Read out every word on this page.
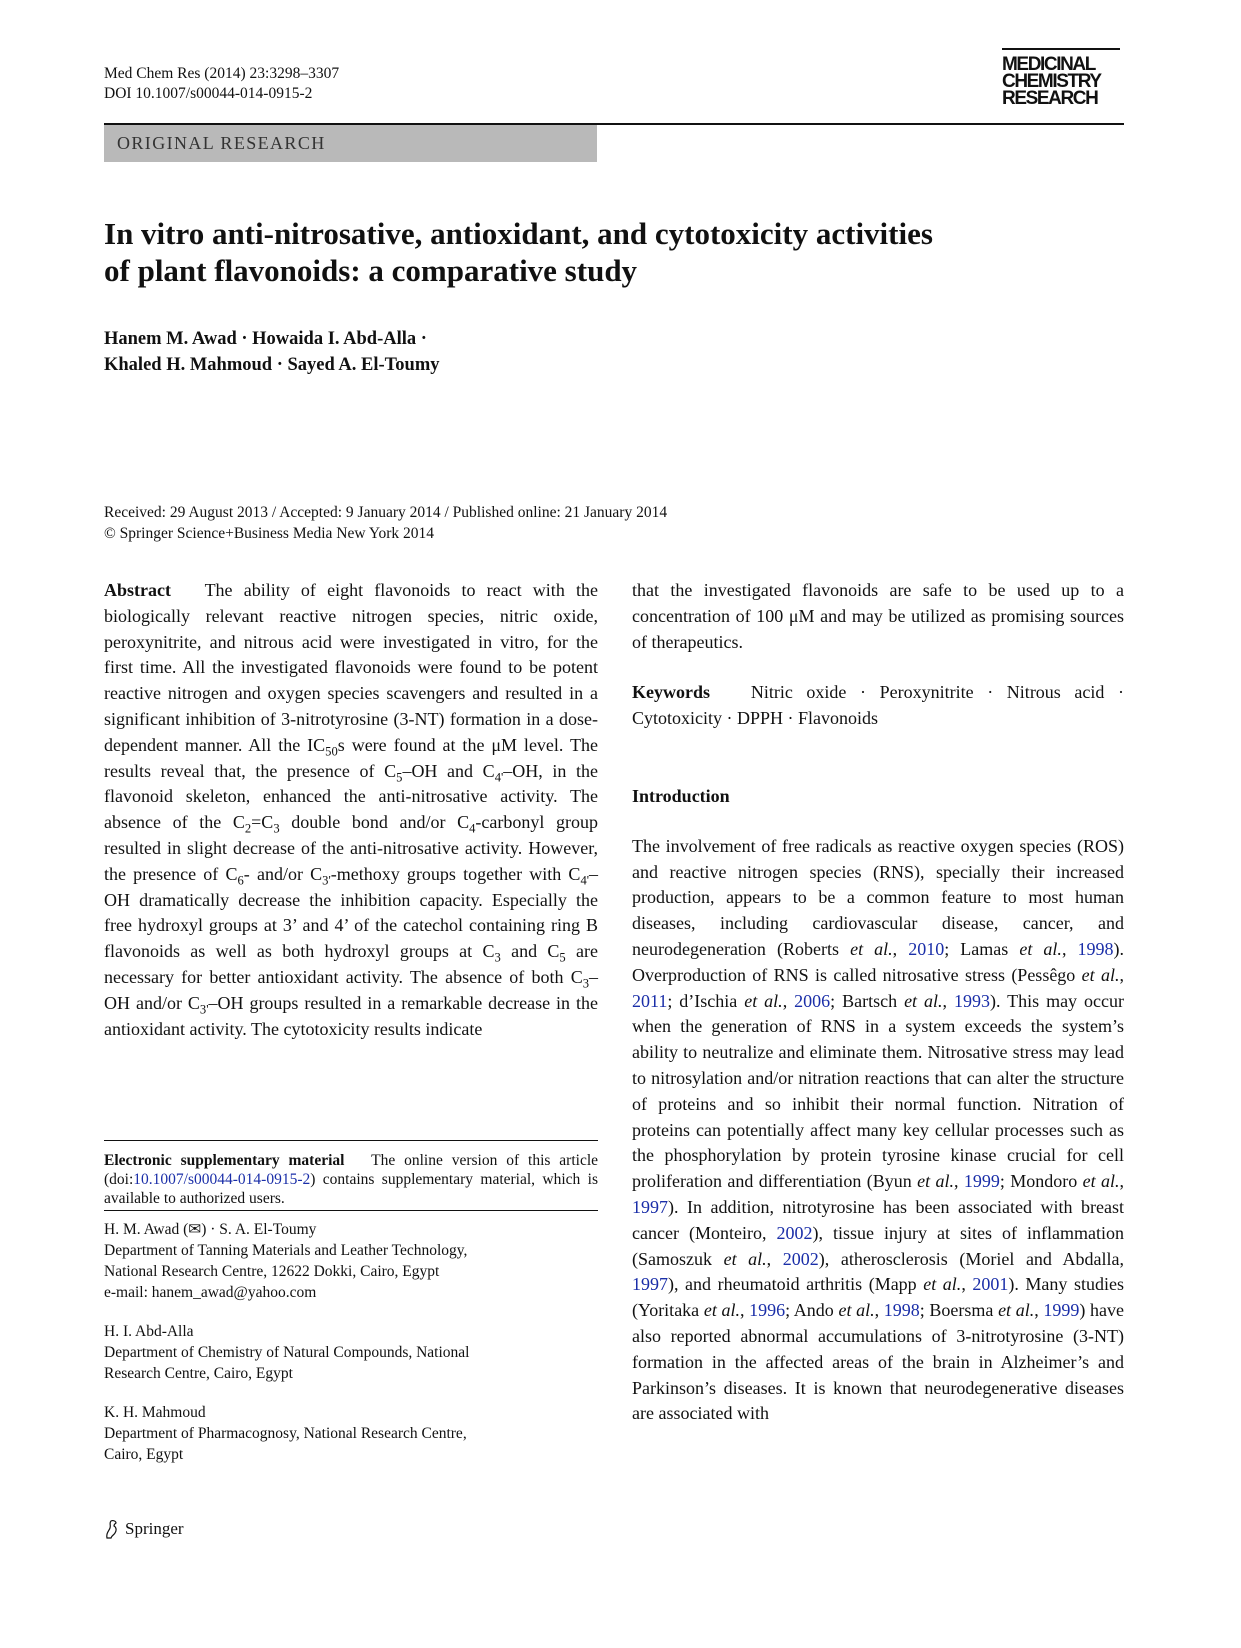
Med Chem Res (2014) 23:3298–3307
DOI 10.1007/s00044-014-0915-2
MEDICINAL
CHEMISTRY
RESEARCH
ORIGINAL RESEARCH
In vitro anti-nitrosative, antioxidant, and cytotoxicity activities
of plant flavonoids: a comparative study
Hanem M. Awad · Howaida I. Abd-Alla ·
Khaled H. Mahmoud · Sayed A. El-Toumy
Received: 29 August 2013 / Accepted: 9 January 2014 / Published online: 21 January 2014
© Springer Science+Business Media New York 2014

Abstract The ability of eight flavonoids to react with the biologically relevant reactive nitrogen species, nitric oxide, peroxynitrite, and nitrous acid were investigated in vitro, for the first time. All the investigated flavonoids were found to be potent reactive nitrogen and oxygen species scavengers and resulted in a significant inhibition of 3-nitrotyrosine (3-NT) formation in a dose-dependent manner. All the $IC_{50}s$ were found at the μM level. The results reveal that, the presence of $C_5-OH$ and $C_{4'}-OH$, in the flavonoid skeleton, enhanced the anti-nitrosative activity. The absence of the $C_2=C_3$ double bond and/or $C_4$-carbonyl group resulted in slight decrease of the anti-nitrosative activity. However, the presence of $C_6-$ and/or $C_{3'}$-methoxy groups together with $C_{4'}-OH$ dramatically decrease the inhibition capacity. Especially the free hydroxyl groups at 3’ and 4’ of the catechol containing ring B flavonoids as well as both hydroxyl groups at $C_3$ and $C_5$ are necessary for better antioxidant activity. The absence of both $C_3-OH$ and/or $C_{3'}-OH$ groups resulted in a remarkable decrease in the antioxidant activity. The cytotoxicity results indicate

Electronic supplementary material The online version of this article (doi:10.1007/s00044-014-0915-2) contains supplementary material, which is available to authorized users.
H. M. Awad (✉) · S. A. El-Toumy
Department of Tanning Materials and Leather Technology,
National Research Centre, 12622 Dokki, Cairo, Egypt
e-mail: hanem_awad@yahoo.com
H. I. Abd-Alla
Department of Chemistry of Natural Compounds, National
Research Centre, Cairo, Egypt
K. H. Mahmoud
Department of Pharmacognosy, National Research Centre,
Cairo, Egypt

that the investigated flavonoids are safe to be used up to a concentration of 100 μM and may be utilized as promising sources of therapeutics.

Keywords Nitric oxide · Peroxynitrite · Nitrous acid · Cytotoxicity · DPPH · Flavonoids

Introduction

The involvement of free radicals as reactive oxygen species (ROS) and reactive nitrogen species (RNS), specially their increased production, appears to be a common feature to most human diseases, including cardiovascular disease, cancer, and neurodegeneration (Roberts et al., 2010; Lamas et al., 1998). Overproduction of RNS is called nitrosative stress (Pessêgo et al., 2011; d’Ischia et al., 2006; Bartsch et al., 1993). This may occur when the generation of RNS in a system exceeds the system’s ability to neutralize and eliminate them. Nitrosative stress may lead to nitrosylation and/or nitration reactions that can alter the structure of proteins and so inhibit their normal function. Nitration of proteins can potentially affect many key cellular processes such as the phosphorylation by protein tyrosine kinase crucial for cell proliferation and differentiation (Byun et al., 1999; Mondoro et al., 1997). In addition, nitrotyrosine has been associated with breast cancer (Monteiro, 2002), tissue injury at sites of inflammation (Samoszuk et al., 2002), atherosclerosis (Moriel and Abdalla, 1997), and rheumatoid arthritis (Mapp et al., 2001). Many studies (Yoritaka et al., 1996; Ando et al., 1998; Boersma et al., 1999) have also reported abnormal accumulations of 3-nitrotyrosine (3-NT) formation in the affected areas of the brain in Alzheimer’s and Parkinson’s diseases. It is known that neurodegenerative diseases are associated with

Springer
